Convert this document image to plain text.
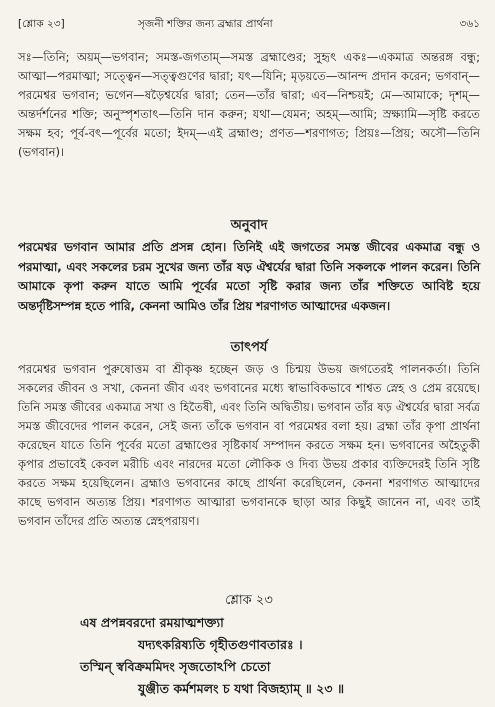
[শ্লোক ২৩]	সৃজনী শক্তির জন্য ব্রহ্মার প্রার্থনা	৩৬১

সঃ—তিনি; অয়ম্—ভগবান; সমস্ত-জগতাম্—সমস্ত ব্রহ্মাণ্ডের; সুহৃৎ একঃ—একমাত্র অন্তরঙ্গ বন্ধু; আত্মা—পরমাত্মা; সত্ত্বেন—সত্ত্বগুণের দ্বারা; যৎ—যিনি; মৃড়য়তে—আনন্দ প্রদান করেন; ভগবান্—পরমেশ্বর ভগবান; ভগেন—ষড়ৈশ্বর্যের দ্বারা; তেন—তাঁর দ্বারা; এব—নিশ্চয়ই; মে—আমাকে; দৃশম্—অন্তর্দর্শনের শক্তি; অনুস্পৃশতাৎ—তিনি দান করুন; যথা—যেমন; অহম্—আমি; স্রক্ষ্যামি—সৃষ্টি করতে সক্ষম হব; পূর্ব-বৎ—পূর্বের মতো; ইদম্—এই ব্রহ্মাণ্ড; প্রণত—শরণাগত; প্রিয়ঃ—প্রিয়; অসৌ—তিনি (ভগবান)।

অনুবাদ

পরমেশ্বর ভগবান আমার প্রতি প্রসন্ন হোন। তিনিই এই জগতের সমস্ত জীবের একমাত্র বন্ধু ও পরমাত্মা, এবং সকলের চরম সুখের জন্য তাঁর ষড় ঐশ্বর্যের দ্বারা তিনি সকলকে পালন করেন। তিনি আমাকে কৃপা করুন যাতে আমি পূর্বের মতো সৃষ্টি করার জন্য তাঁর শক্তিতে আবিষ্ট হয়ে অন্তর্দৃষ্টিসম্পন্ন হতে পারি, কেননা আমিও তাঁর প্রিয় শরণাগত আত্মাদের একজন।

তাৎপর্য

পরমেশ্বর ভগবান পুরুষোত্তম বা শ্রীকৃষ্ণ হচ্ছেন জড় ও চিন্ময় উভয় জগতেরই পালনকর্তা। তিনি সকলের জীবন ও সখা, কেননা জীব এবং ভগবানের মধ্যে স্বাভাবিকভাবে শাশ্বত স্নেহ ও প্রেম রয়েছে। তিনি সমস্ত জীবের একমাত্র সখা ও হিতৈষী, এবং তিনি অদ্বিতীয়। ভগবান তাঁর ষড় ঐশ্বর্যের দ্বারা সর্বত্র সমস্ত জীবেদের পালন করেন, সেই জন্য তাঁকে ভগবান বা পরমেশ্বর বলা হয়। ব্রহ্মা তাঁর কৃপা প্রার্থনা করেছেন যাতে তিনি পূর্বের মতো ব্রহ্মাণ্ডের সৃষ্টিকার্য সম্পাদন করতে সক্ষম হন। ভগবানের অহৈতুকী কৃপার প্রভাবেই কেবল মরীচি এবং নারদের মতো লৌকিক ও দিব্য উভয় প্রকার ব্যক্তিদেরই তিনি সৃষ্টি করতে সক্ষম হয়েছিলেন। ব্রহ্মাও ভগবানের কাছে প্রার্থনা করেছিলেন, কেননা শরণাগত আত্মাদের কাছে ভগবান অত্যন্ত প্রিয়। শরণাগত আত্মারা ভগবানকে ছাড়া আর কিছুই জানেন না, এবং তাই ভগবান তাঁদের প্রতি অত্যন্ত স্নেহপরায়ণ।

শ্লোক ২৩
এষ প্রপন্নবরদো রময়াত্মশক্ত্যা
যদ্যৎকরিষ্যতি গৃহীতগুণাবতারঃ ।
তস্মিন্ স্ববিক্রমমিদং সৃজতোঽপি চেতো
যুঞ্জীত কর্মশমলং চ যথা বিজহ্যাম্ ॥ ২৩ ॥
